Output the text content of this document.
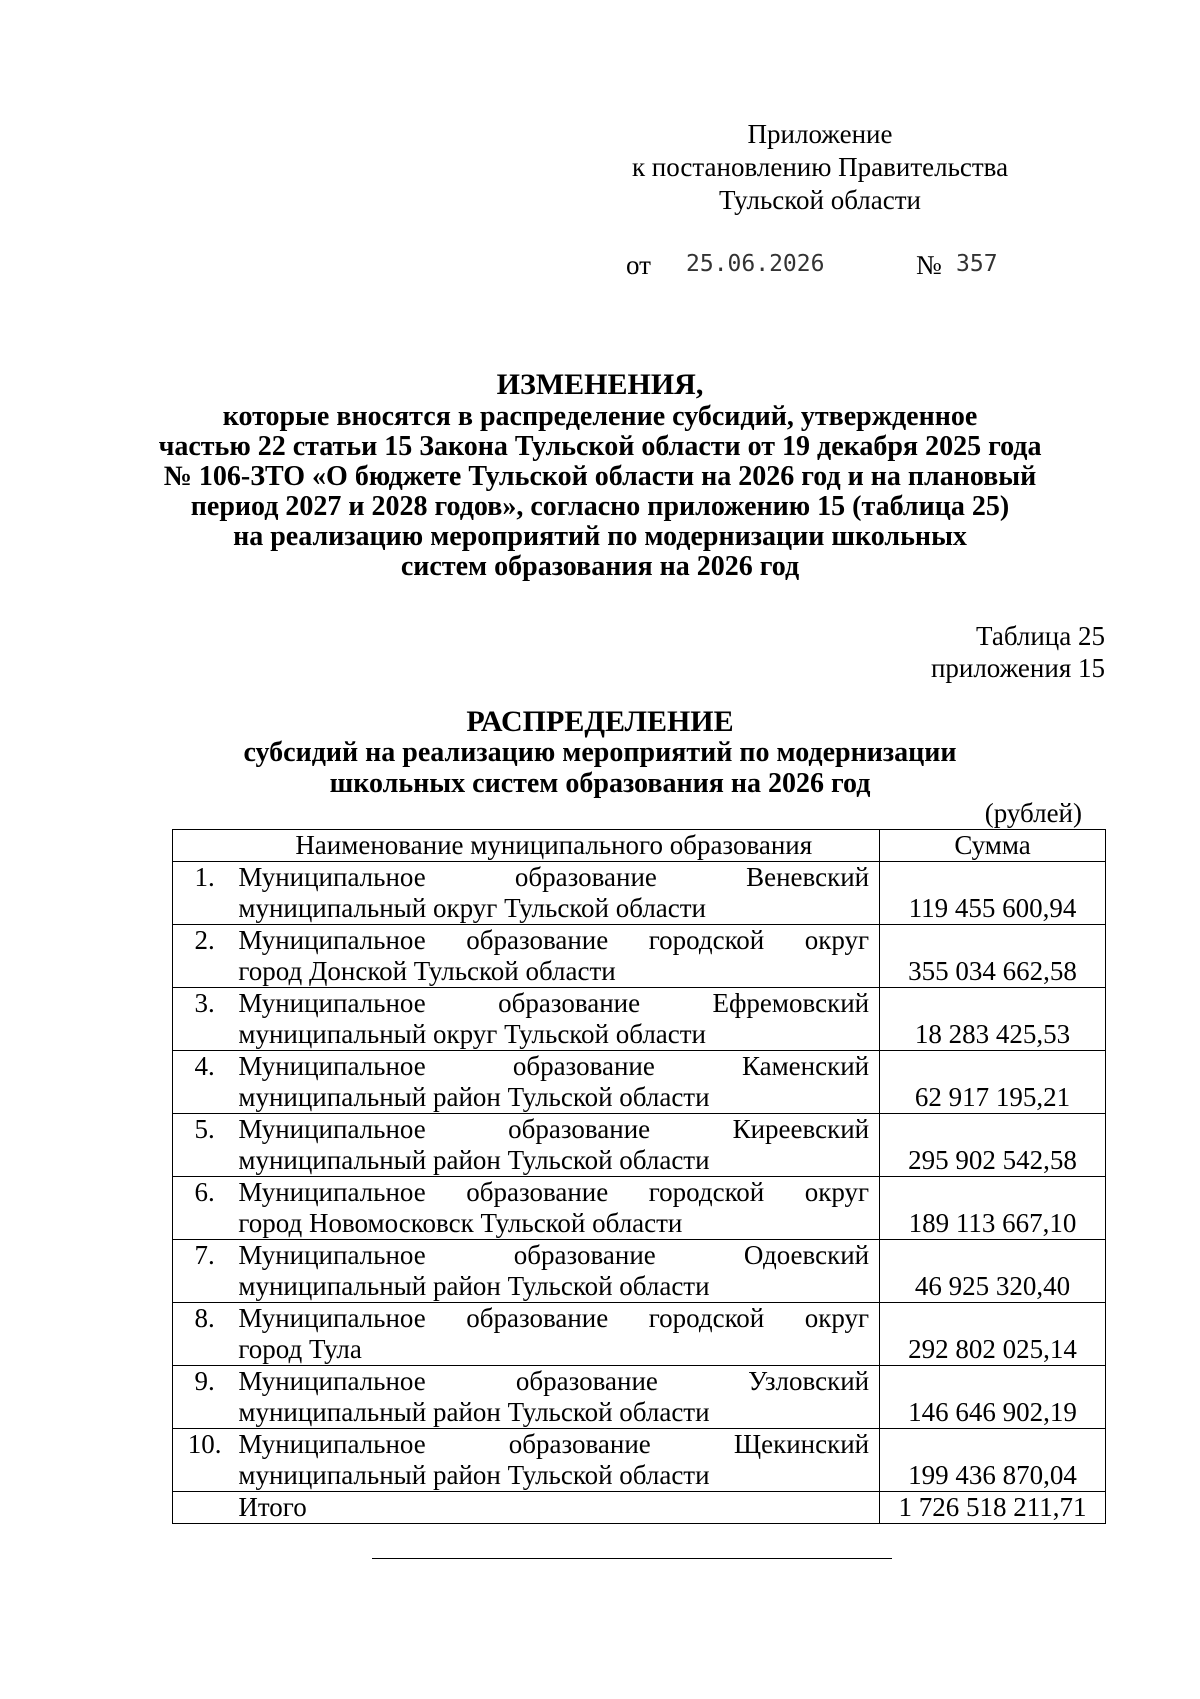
Приложение
к постановлению Правительства
Тульской области
от 25.06.2026	№ 357
ИЗМЕНЕНИЯ,
которые вносятся в распределение субсидий, утвержденное
частью 22 статьи 15 Закона Тульской области от 19 декабря 2025 года
№ 106-ЗТО «О бюджете Тульской области на 2026 год и на плановый
период 2027 и 2028 годов», согласно приложению 15 (таблица 25)
на реализацию мероприятий по модернизации школьных
систем образования на 2026 год
Таблица 25
приложения 15
РАСПРЕДЕЛЕНИЕ
субсидий на реализацию мероприятий по модернизации
школьных систем образования на 2026 год
(рублей)
	Наименование муниципального образования	Сумма
1.	Муниципальное образование Веневский
муниципальный округ Тульской области	119 455 600,94
2.	Муниципальное образование городской округ
город Донской Тульской области	355 034 662,58
3.	Муниципальное образование Ефремовский
муниципальный округ Тульской области	18 283 425,53
4.	Муниципальное образование Каменский
муниципальный район Тульской области	62 917 195,21
5.	Муниципальное образование Киреевский
муниципальный район Тульской области	295 902 542,58
6.	Муниципальное образование городской округ
город Новомосковск Тульской области	189 113 667,10
7.	Муниципальное образование Одоевский
муниципальный район Тульской области	46 925 320,40
8.	Муниципальное образование городской округ
город Тула	292 802 025,14
9.	Муниципальное образование Узловский
муниципальный район Тульской области	146 646 902,19
10.	Муниципальное образование Щекинский
муниципальный район Тульской области	199 436 870,04
	Итого	1 726 518 211,71
